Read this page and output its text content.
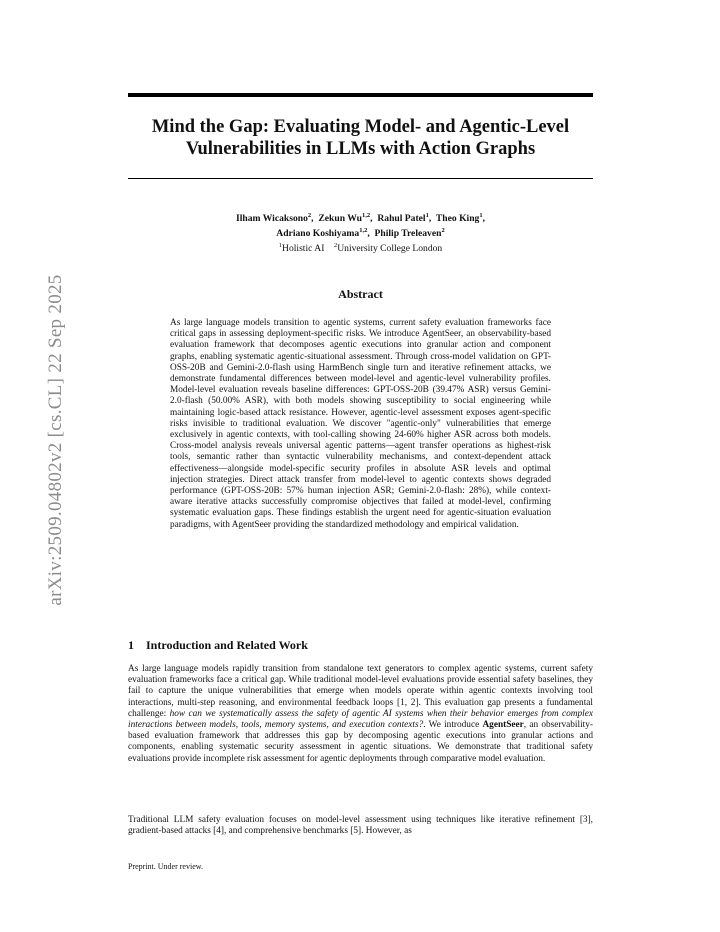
arXiv:2509.04802v2 [cs.CL] 22 Sep 2025
Mind the Gap: Evaluating Model- and Agentic-Level Vulnerabilities in LLMs with Action Graphs
Ilham Wicaksono$^2$,  Zekun Wu$^{1,2}$,  Rahul Patel$^1$,  Theo King$^1$,
Adriano Koshiyama$^{1,2}$,  Philip Treleaven$^2$
$^1$Holistic AI $^2$University College London
Abstract
As large language models transition to agentic systems, current safety evaluation frameworks face critical gaps in assessing deployment-specific risks. We introduce AgentSeer, an observability-based evaluation framework that decomposes agentic executions into granular action and component graphs, enabling systematic agentic-situational assessment. Through cross-model validation on GPT-OSS-20B and Gemini-2.0-flash using HarmBench single turn and iterative refinement attacks, we demonstrate fundamental differences between model-level and agentic-level vulnerability profiles. Model-level evaluation reveals baseline differences: GPT-OSS-20B (39.47% ASR) versus Gemini-2.0-flash (50.00% ASR), with both models showing susceptibility to social engineering while maintaining logic-based attack resistance. However, agentic-level assessment exposes agent-specific risks invisible to traditional evaluation. We discover "agentic-only" vulnerabilities that emerge exclusively in agentic contexts, with tool-calling showing 24-60% higher ASR across both models. Cross-model analysis reveals universal agentic patterns—agent transfer operations as highest-risk tools, semantic rather than syntactic vulnerability mechanisms, and context-dependent attack effectiveness—alongside model-specific security profiles in absolute ASR levels and optimal injection strategies. Direct attack transfer from model-level to agentic contexts shows degraded performance (GPT-OSS-20B: 57% human injection ASR; Gemini-2.0-flash: 28%), while context-aware iterative attacks successfully compromise objectives that failed at model-level, confirming systematic evaluation gaps. These findings establish the urgent need for agentic-situation evaluation paradigms, with AgentSeer providing the standardized methodology and empirical validation.
1 Introduction and Related Work
As large language models rapidly transition from standalone text generators to complex agentic systems, current safety evaluation frameworks face a critical gap. While traditional model-level evaluations provide essential safety baselines, they fail to capture the unique vulnerabilities that emerge when models operate within agentic contexts involving tool interactions, multi-step reasoning, and environmental feedback loops [1, 2]. This evaluation gap presents a fundamental challenge: how can we systematically assess the safety of agentic AI systems when their behavior emerges from complex interactions between models, tools, memory systems, and execution contexts?. We introduce AgentSeer, an observability-based evaluation framework that addresses this gap by decomposing agentic executions into granular actions and components, enabling systematic security assessment in agentic situations. We demonstrate that traditional safety evaluations provide incomplete risk assessment for agentic deployments through comparative model evaluation.
Traditional LLM safety evaluation focuses on model-level assessment using techniques like iterative refinement [3], gradient-based attacks [4], and comprehensive benchmarks [5]. However, as
Preprint. Under review.
